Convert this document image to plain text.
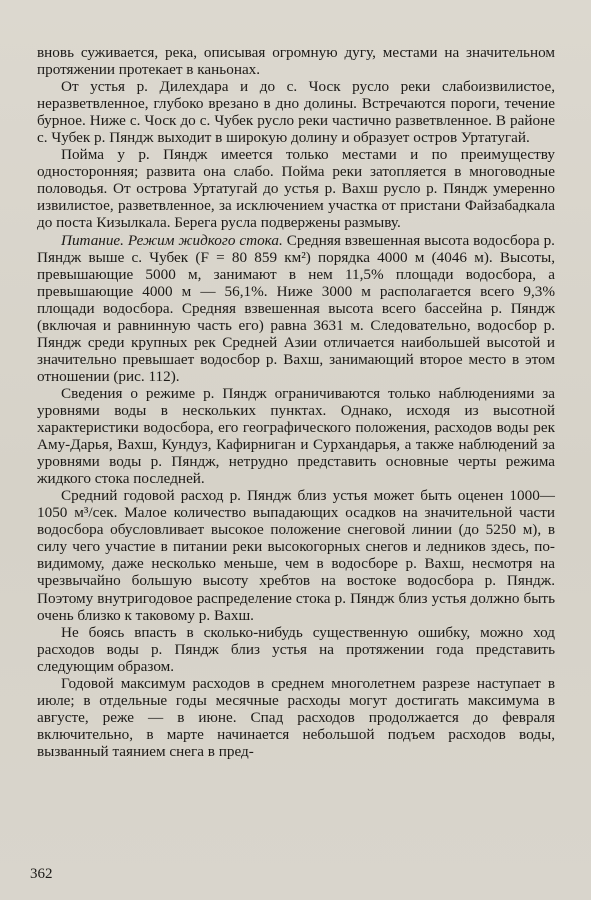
вновь суживается, река, описывая огромную дугу, местами на значительном протяжении протекает в каньонах.

От устья р. Дилехдара и до с. Чоск русло реки слабоизвилистое, неразветвленное, глубоко врезано в дно долины. Встречаются пороги, течение бурное. Ниже с. Чоск до с. Чубек русло реки частично разветвленное. В районе с. Чубек р. Пяндж выходит в широкую долину и образует остров Уртатугай.

Пойма у р. Пяндж имеется только местами и по преимуществу односторонняя; развита она слабо. Пойма реки затопляется в многоводные половодья. От острова Уртатугай до устья р. Вахш русло р. Пяндж умеренно извилистое, разветвленное, за исключением участка от пристани Файзабадкала до поста Кизылкала. Берега русла подвержены размыву.

Питание. Режим жидкого стока. Средняя взвешенная высота водосбора р. Пяндж выше с. Чубек (F = 80 859 км²) порядка 4000 м (4046 м). Высоты, превышающие 5000 м, занимают в нем 11,5% площади водосбора, а превышающие 4000 м — 56,1%. Ниже 3000 м располагается всего 9,3% площади водосбора. Средняя взвешенная высота всего бассейна р. Пяндж (включая и равнинную часть его) равна 3631 м. Следовательно, водосбор р. Пяндж среди крупных рек Средней Азии отличается наибольшей высотой и значительно превышает водосбор р. Вахш, занимающий второе место в этом отношении (рис. 112).

Сведения о режиме р. Пяндж ограничиваются только наблюдениями за уровнями воды в нескольких пунктах. Однако, исходя из высотной характеристики водосбора, его географического положения, расходов воды рек Аму-Дарья, Вахш, Кундуз, Кафирниган и Сурхандарья, а также наблюдений за уровнями воды р. Пяндж, нетрудно представить основные черты режима жидкого стока последней.

Средний годовой расход р. Пяндж близ устья может быть оценен 1000—1050 м³/сек. Малое количество выпадающих осадков на значительной части водосбора обусловливает высокое положение снеговой линии (до 5250 м), в силу чего участие в питании реки высокогорных снегов и ледников здесь, по-видимому, даже несколько меньше, чем в водосборе р. Вахш, несмотря на чрезвычайно большую высоту хребтов на востоке водосбора р. Пяндж. Поэтому внутригодовое распределение стока р. Пяндж близ устья должно быть очень близко к таковому р. Вахш.

Не боясь впасть в сколько-нибудь существенную ошибку, можно ход расходов воды р. Пяндж близ устья на протяжении года представить следующим образом.

Годовой максимум расходов в среднем многолетнем разрезе наступает в июле; в отдельные годы месячные расходы могут достигать максимума в августе, реже — в июне. Спад расходов продолжается до февраля включительно, в марте начинается небольшой подъем расходов воды, вызванный таянием снега в пред-

362
